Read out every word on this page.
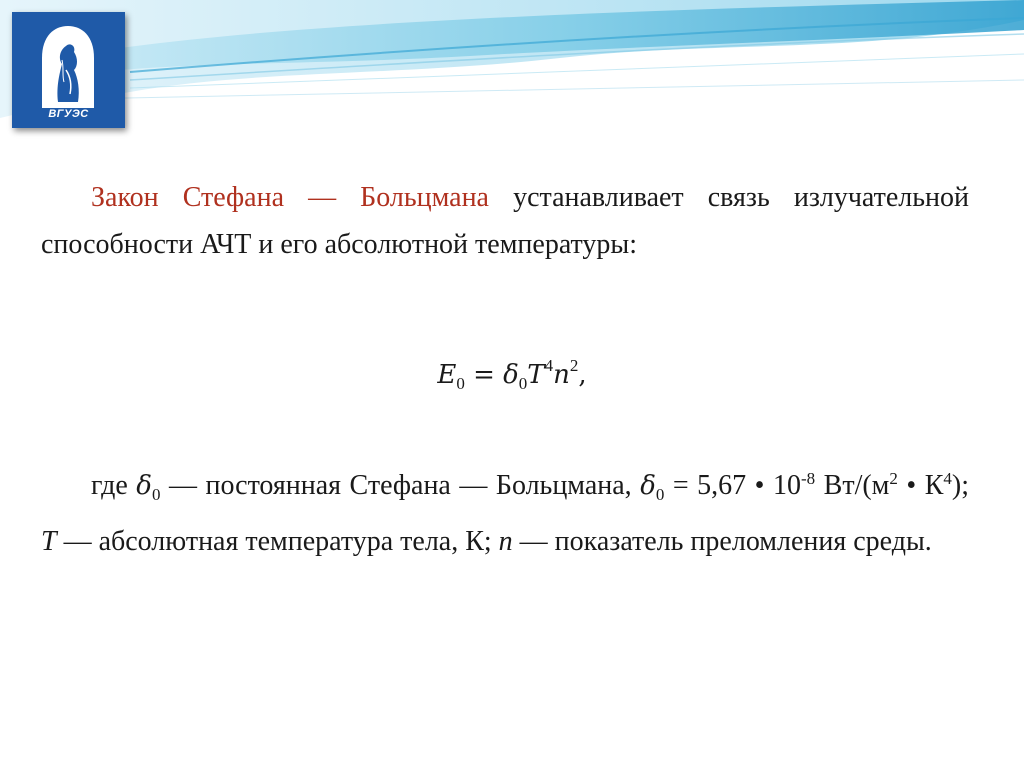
ВГУЭС
Закон Стефана — Больцмана устанавливает связь излучательной способности АЧТ и его абсолютной температуры:
$E_0 = \delta_0T^4n^2$,
где $\delta_0$ — постоянная Стефана — Больцмана, $\delta_0 = 5,67$ • $10^{-8}$ $Вт/(м^2$ • $К^4$); T — абсолютная температура тела, К; n — показатель преломления среды.
